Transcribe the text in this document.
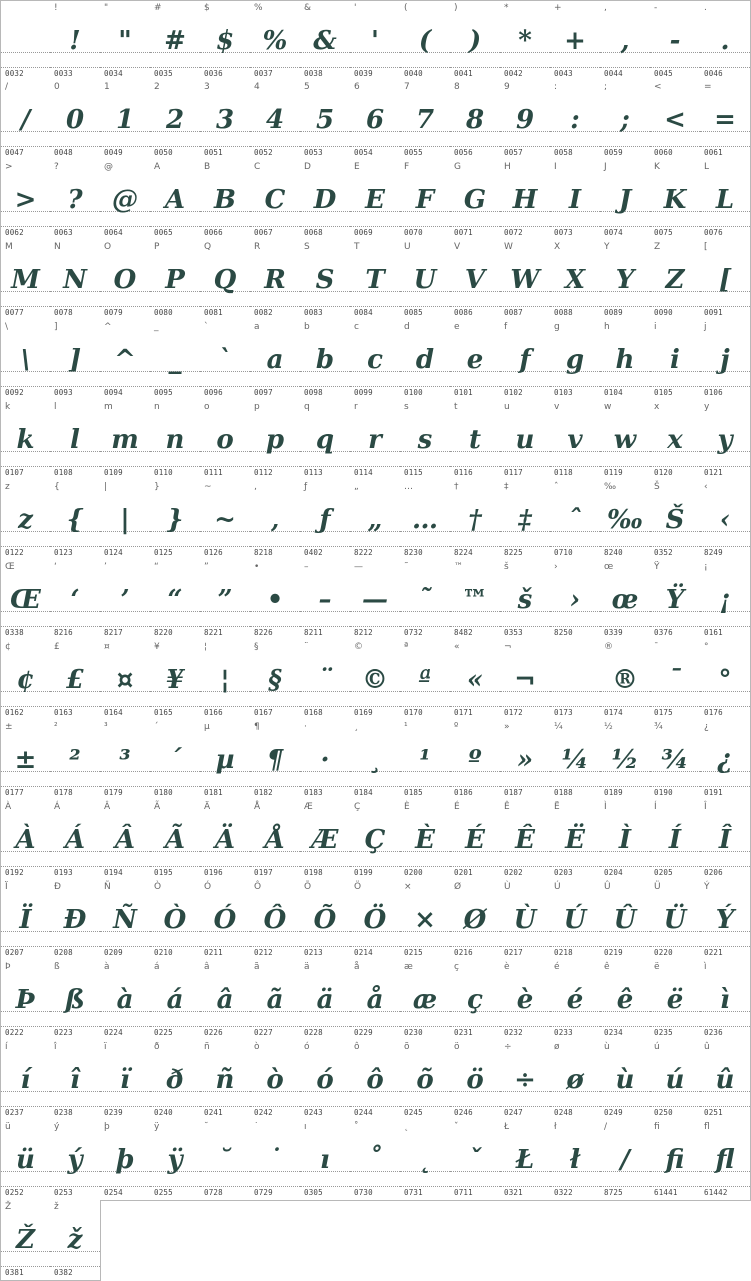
0032
!
!
0033
"
"
0034
#
#
0035
$
$
0036
%
%
0037
&
&
0038
'
'
0039
(
(
0040
)
)
0041
*
*
0042
+
+
0043
,
,
0044
-
-
0045
.
.
0046
/
/
0047
0
0
0048
1
1
0049
2
2
0050
3
3
0051
4
4
0052
5
5
0053
6
6
0054
7
7
0055
8
8
0056
9
9
0057
:
:
0058
;
;
0059
<
<
0060
=
=
0061
>
>
0062
?
?
0063
@
@
0064
A
A
0065
B
B
0066
C
C
0067
D
D
0068
E
E
0069
F
F
0070
G
G
0071
H
H
0072
I
I
0073
J
J
0074
K
K
0075
L
L
0076
M
M
0077
N
N
0078
O
O
0079
P
P
0080
Q
Q
0081
R
R
0082
S
S
0083
T
T
0084
U
U
0085
V
V
0086
W
W
0087
X
X
0088
Y
Y
0089
Z
Z
0090
[
[
0091
\
\
0092
]
]
0093
^
^
0094
_
_
0095
`
`
0096
a
a
0097
b
b
0098
c
c
0099
d
d
0100
e
e
0101
f
f
0102
g
g
0103
h
h
0104
i
i
0105
j
j
0106
k
k
0107
l
l
0108
m
m
0109
n
n
0110
o
o
0111
p
p
0112
q
q
0113
r
r
0114
s
s
0115
t
t
0116
u
u
0117
v
v
0118
w
w
0119
x
x
0120
y
y
0121
z
z
0122
{
{
0123
|
|
0124
}
}
0125
~
~
0126
‚
‚
8218
ƒ
ƒ
0402
„
„
8222
…
…
8230
†
†
8224
‡
‡
8225
ˆ
ˆ
0710
‰
‰
8240
Š
Š
0352
‹
‹
8249
Œ
Œ
0338
‘
‘
8216
’
’
8217
“
“
8220
”
”
8221
•
•
8226
–
–
8211
—
—
8212
˜
˜
0732
™
™
8482
š
š
0353
›
›
8250
œ
œ
0339
Ÿ
Ÿ
0376
¡
¡
0161
¢
¢
0162
£
£
0163
¤
¤
0164
¥
¥
0165
¦
¦
0166
§
§
0167
¨
¨
0168
©
©
0169
ª
ª
0170
«
«
0171
¬
¬
0172	0173
®
®
0174
¯
¯
0175
°
°
0176
±
±
0177
²
²
0178
³
³
0179
´
´
0180
µ
µ
0181
¶
¶
0182
·
·
0183
¸
¸
0184
¹
¹
0185
º
º
0186
»
»
0187
¼
¼
0188
½
½
0189
¾
¾
0190
¿
¿
0191
À
À
0192
Á
Á
0193
Â
Â
0194
Ã
Ã
0195
Ä
Ä
0196
Å
Å
0197
Æ
Æ
0198
Ç
Ç
0199
È
È
0200
É
É
0201
Ê
Ê
0202
Ë
Ë
0203
Ì
Ì
0204
Í
Í
0205
Î
Î
0206
Ï
Ï
0207
Ð
Ð
0208
Ñ
Ñ
0209
Ò
Ò
0210
Ó
Ó
0211
Ô
Ô
0212
Õ
Õ
0213
Ö
Ö
0214
×
×
0215
Ø
Ø
0216
Ù
Ù
0217
Ú
Ú
0218
Û
Û
0219
Ü
Ü
0220
Ý
Ý
0221
Þ
Þ
0222
ß
ß
0223
à
à
0224
á
á
0225
â
â
0226
ã
ã
0227
ä
ä
0228
å
å
0229
æ
æ
0230
ç
ç
0231
è
è
0232
é
é
0233
ê
ê
0234
ë
ë
0235
ì
ì
0236
í
í
0237
î
î
0238
ï
ï
0239
ð
ð
0240
ñ
ñ
0241
ò
ò
0242
ó
ó
0243
ô
ô
0244
õ
õ
0245
ö
ö
0246
÷
÷
0247
ø
ø
0248
ù
ù
0249
ú
ú
0250
û
û
0251
ü
ü
0252
ý
ý
0253
þ
þ
0254
ÿ
ÿ
0255
˘
˘
0728
˙
˙
0729
ı
ı
0305
˚
˚
0730
˛
˛
0731
ˇ
ˇ
0711
Ł
Ł
0321
ł
ł
0322
∕
∕
8725
ﬁ
ﬁ
61441
ﬂ
ﬂ
61442
Ž
Ž
0381
ž
ž
0382
